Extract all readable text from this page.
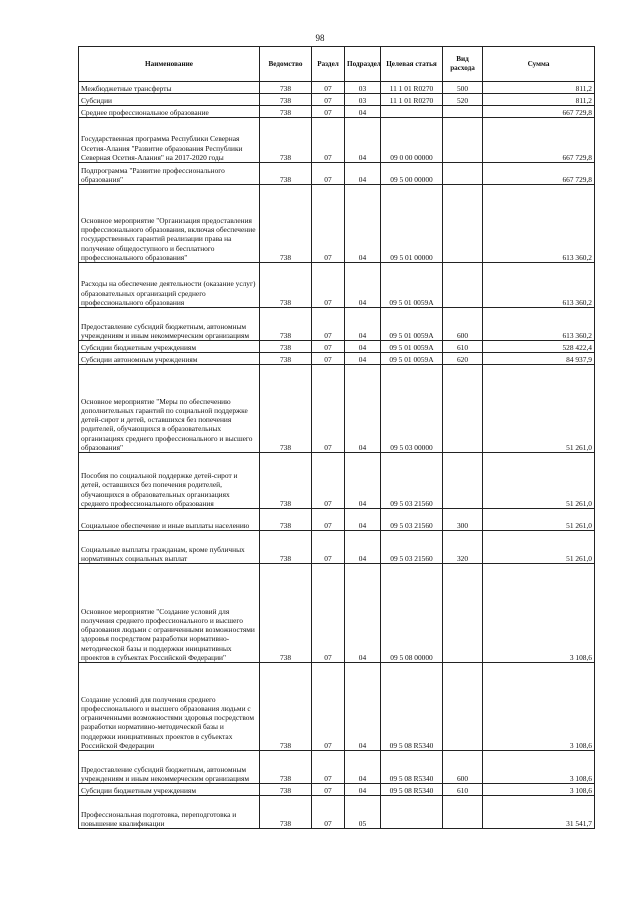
98
Наименование	Ведомство	Раздел	Подраздел	Целевая статья	Вид расхода	Сумма
Межбюджетные трансферты	738	07	03	11 1 01 R0270	500	811,2
Субсидии	738	07	03	11 1 01 R0270	520	811,2
Среднее профессиональное образование	738	07	04			667 729,8
Государственная программа Республики Северная Осетия-Алания "Развитие образования Республики Северная Осетия-Алания" на 2017-2020 годы	738	07	04	09 0 00 00000		667 729,8
Подпрограмма "Развитие профессионального образования"	738	07	04	09 5 00 00000		667 729,8
Основное мероприятие "Организация предоставления профессионального образования, включая обеспечение государственных гарантий реализации права на получение общедоступного и бесплатного профессионального образования"	738	07	04	09 5 01 00000		613 360,2
Расходы на обеспечение деятельности (оказание услуг) образовательных организаций среднего профессионального образования	738	07	04	09 5 01 0059А		613 360,2
Предоставление субсидий бюджетным, автономным учреждениям и иным некоммерческим организациям	738	07	04	09 5 01 0059А	600	613 360,2
Субсидии бюджетным учреждениям	738	07	04	09 5 01 0059А	610	528 422,4
Субсидии автономным учреждениям	738	07	04	09 5 01 0059А	620	84 937,9
Основное мероприятие "Меры по обеспечению дополнительных гарантий по социальной поддержке детей-сирот и детей, оставшихся без попечения родителей, обучающихся в образовательных организациях среднего профессионального и высшего образования"	738	07	04	09 5 03 00000		51 261,0
Пособия по социальной поддержке детей-сирот и детей, оставшихся без попечения родителей, обучающихся в образовательных организациях среднего профессионального образования	738	07	04	09 5 03 21560		51 261,0
Социальное обеспечение и иные выплаты населению	738	07	04	09 5 03 21560	300	51 261,0
Социальные выплаты гражданам, кроме публичных нормативных социальных выплат	738	07	04	09 5 03 21560	320	51 261,0
Основное мероприятие "Создание условий для получения среднего профессионального и высшего образования людьми с ограниченными возможностями здоровья посредством разработки нормативно-методической базы и поддержки инициативных проектов в субъектах Российской Федерации"	738	07	04	09 5 08 00000		3 108,6
Создание условий для получения среднего профессионального и высшего образования людьми с ограниченными возможностями здоровья посредством разработки нормативно-методической базы и поддержки инициативных проектов в субъектах Российской Федерации	738	07	04	09 5 08 R5340		3 108,6
Предоставление субсидий бюджетным, автономным учреждениям и иным некоммерческим организациям	738	07	04	09 5 08 R5340	600	3 108,6
Субсидии бюджетным учреждениям	738	07	04	09 5 08 R5340	610	3 108,6
Профессиональная подготовка, переподготовка и повышение квалификации	738	07	05			31 541,7
